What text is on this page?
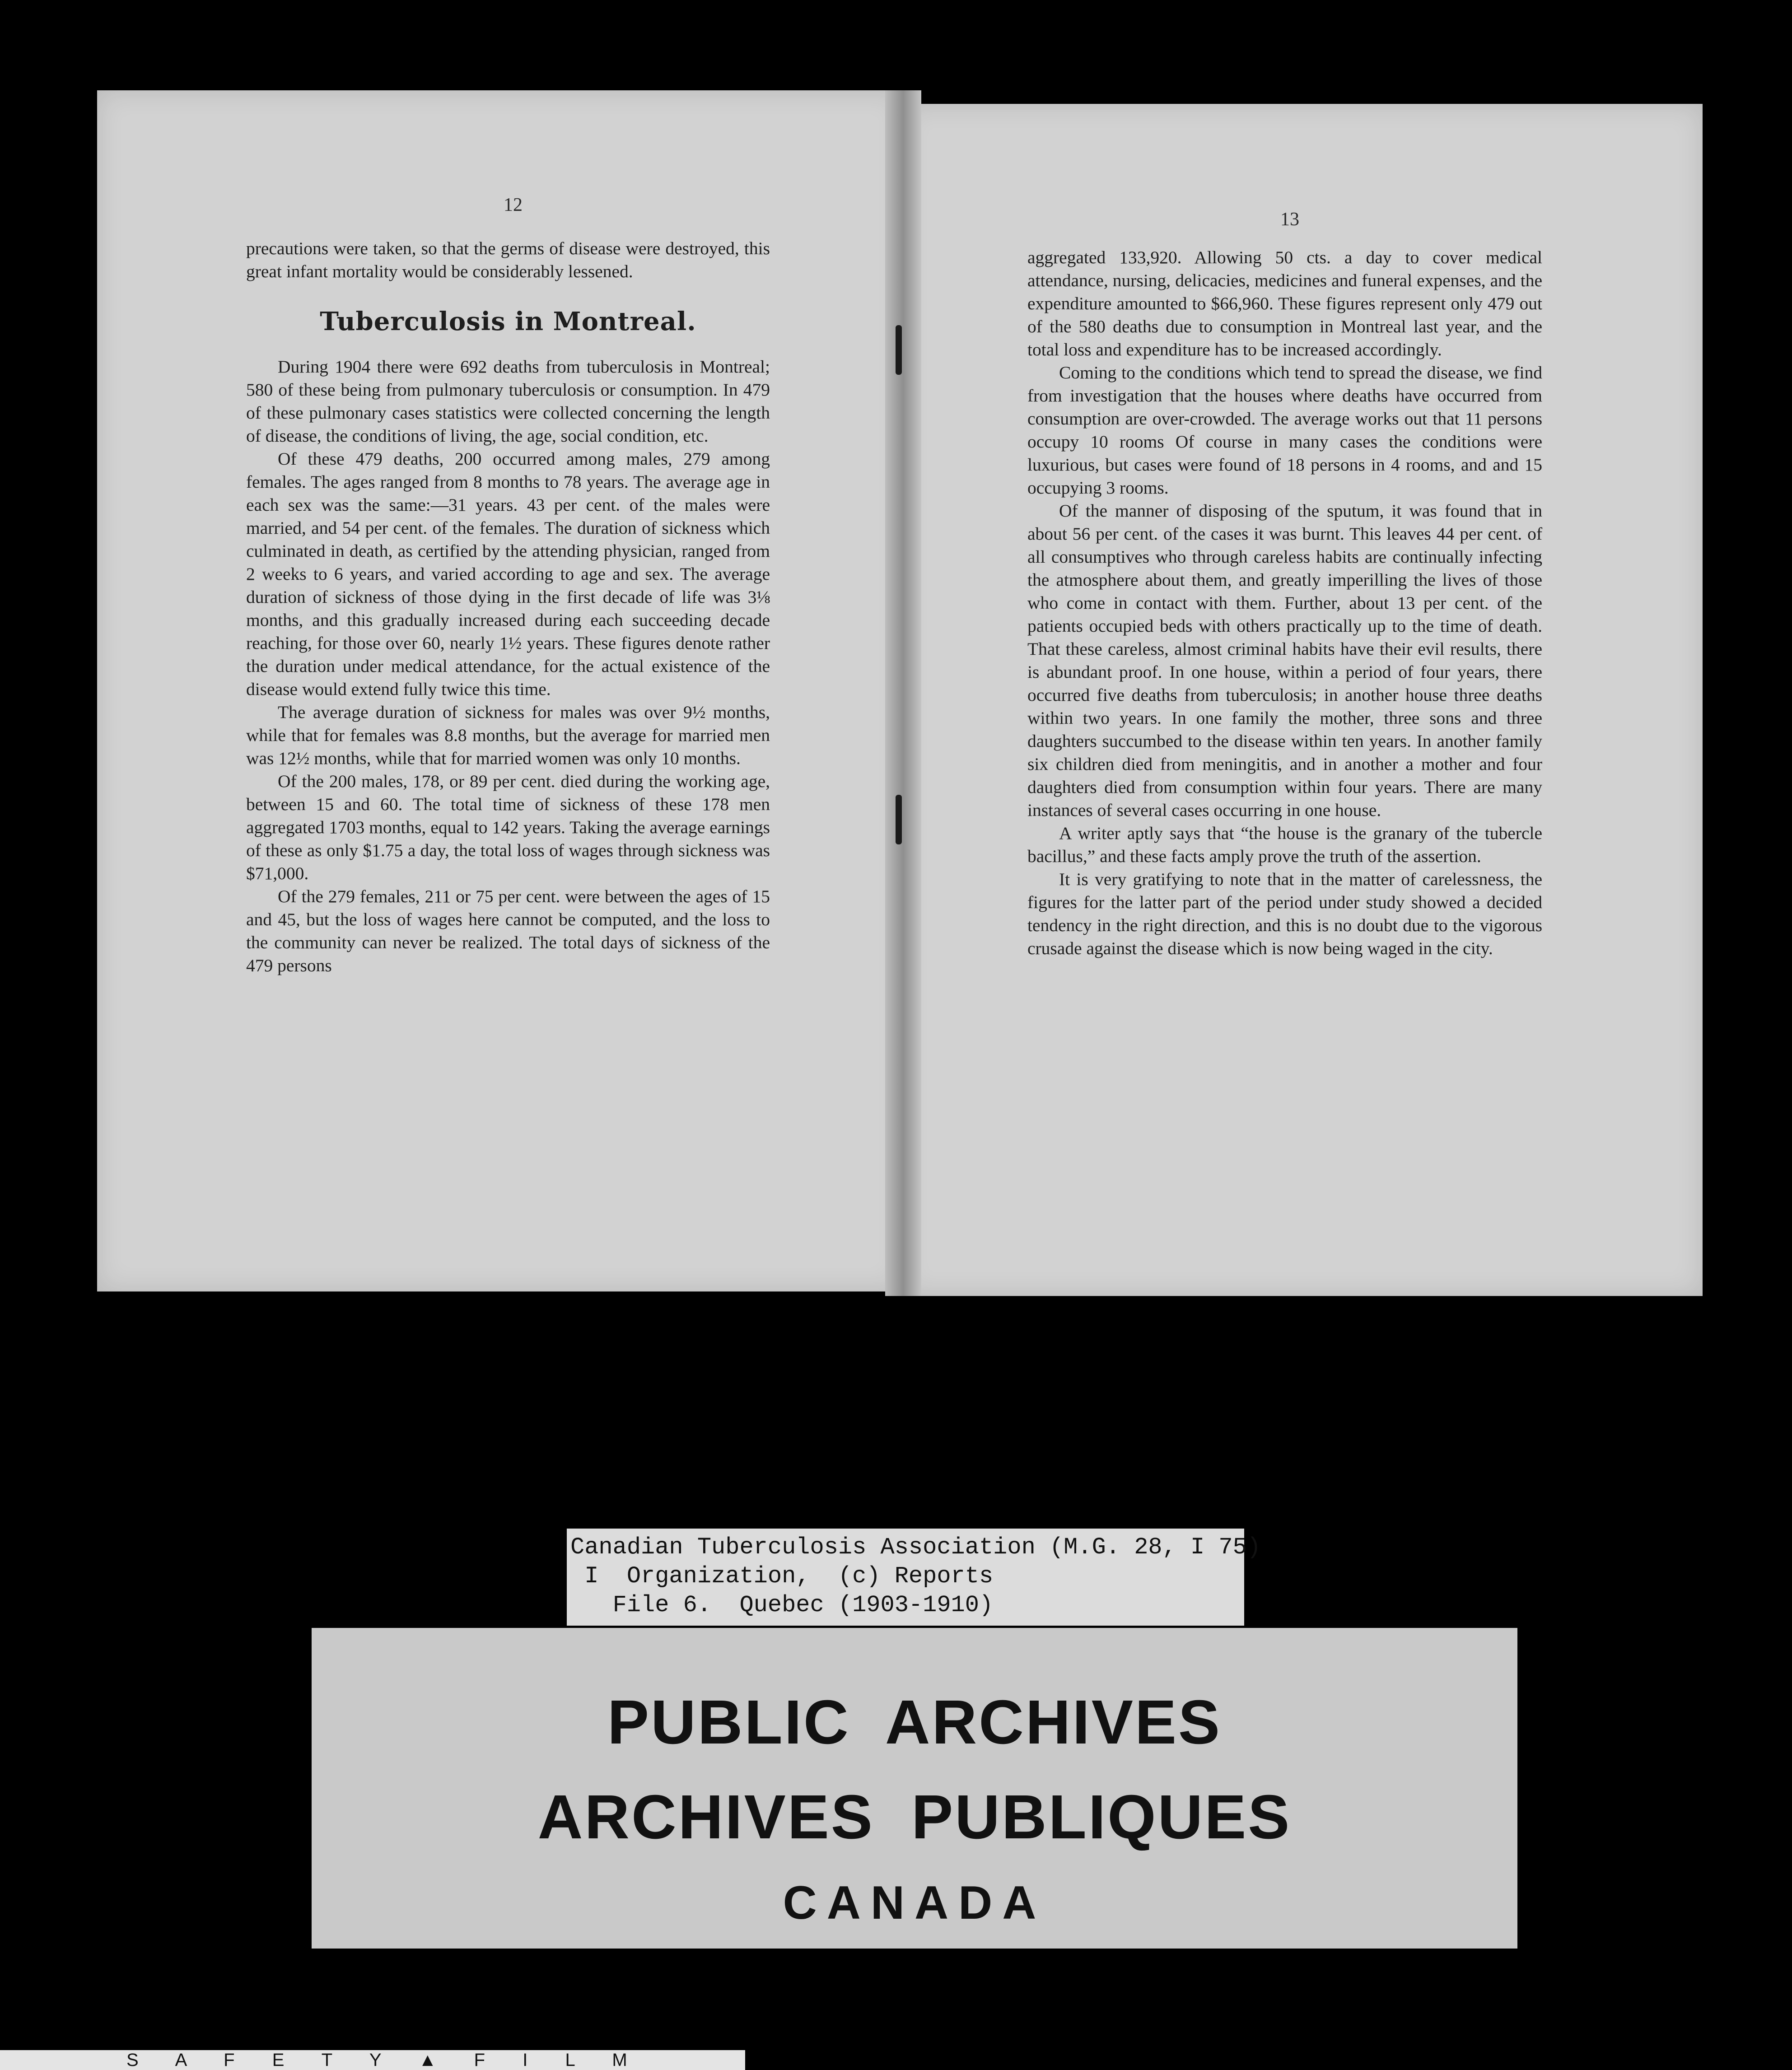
12
13

precautions were taken, so that the germs of disease were destroyed, this great infant mortality would be considerably lessened.

Tuberculosis in Montreal.

During 1904 there were 692 deaths from tuberculosis in Montreal; 580 of these being from pulmonary tuberculosis or consumption. In 479 of these pulmonary cases statistics were collected concerning the length of disease, the conditions of living, the age, social condition, etc.

Of these 479 deaths, 200 occurred among males, 279 among females. The ages ranged from 8 months to 78 years. The average age in each sex was the same:—31 years. 43 per cent. of the males were married, and 54 per cent. of the females. The duration of sickness which culminated in death, as certified by the attending physician, ranged from 2 weeks to 6 years, and varied according to age and sex. The average duration of sickness of those dying in the first decade of life was 3⅛ months, and this gradually increased during each succeeding decade reaching, for those over 60, nearly 1½ years. These figures denote rather the duration under medical attendance, for the actual existence of the disease would extend fully twice this time.

The average duration of sickness for males was over 9½ months, while that for females was 8.8 months, but the average for married men was 12½ months, while that for married women was only 10 months.

Of the 200 males, 178, or 89 per cent. died during the working age, between 15 and 60. The total time of sickness of these 178 men aggregated 1703 months, equal to 142 years. Taking the average earnings of these as only $1.75 a day, the total loss of wages through sickness was $71,000.

Of the 279 females, 211 or 75 per cent. were between the ages of 15 and 45, but the loss of wages here cannot be computed, and the loss to the community can never be realized. The total days of sickness of the 479 persons

aggregated 133,920. Allowing 50 cts. a day to cover medical attendance, nursing, delicacies, medicines and funeral expenses, and the expenditure amounted to $66,960. These figures represent only 479 out of the 580 deaths due to consumption in Montreal last year, and the total loss and expenditure has to be increased accordingly.

Coming to the conditions which tend to spread the disease, we find from investigation that the houses where deaths have occurred from consumption are over-crowded. The average works out that 11 persons occupy 10 rooms Of course in many cases the conditions were luxurious, but cases were found of 18 persons in 4 rooms, and and 15 occupying 3 rooms.

Of the manner of disposing of the sputum, it was found that in about 56 per cent. of the cases it was burnt. This leaves 44 per cent. of all consumptives who through careless habits are continually infecting the atmosphere about them, and greatly imperilling the lives of those who come in contact with them. Further, about 13 per cent. of the patients occupied beds with others practically up to the time of death. That these careless, almost criminal habits have their evil results, there is abundant proof. In one house, within a period of four years, there occurred five deaths from tuberculosis; in another house three deaths within two years. In one family the mother, three sons and three daughters succumbed to the disease within ten years. In another family six children died from meningitis, and in another a mother and four daughters died from consumption within four years. There are many instances of several cases occurring in one house.

A writer aptly says that “the house is the granary of the tubercle bacillus,” and these facts amply prove the truth of the assertion.

It is very gratifying to note that in the matter of carelessness, the figures for the latter part of the period under study showed a decided tendency in the right direction, and this is no doubt due to the vigorous crusade against the disease which is now being waged in the city.

Canadian Tuberculosis Association (M.G. 28, I 75)
I  Organization,  (c) Reports
File 6.  Quebec (1903-1910)
PUBLIC ARCHIVES
ARCHIVES PUBLIQUES
CANADA
S A F E T Y ▲ F I L M
